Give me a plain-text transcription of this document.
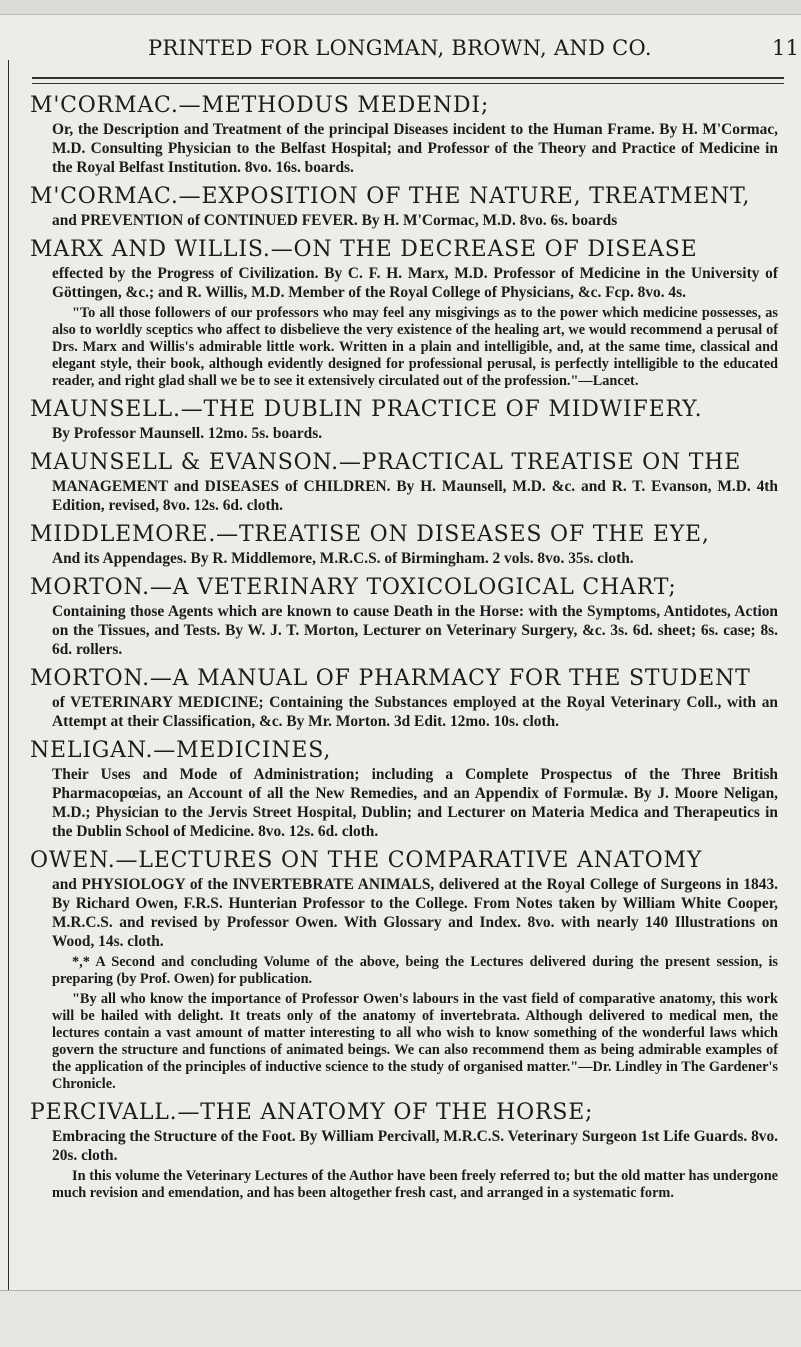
PRINTED FOR LONGMAN, BROWN, AND CO.	11
M'CORMAC.—METHODUS MEDENDI;

Or, the Description and Treatment of the principal Diseases incident to the Human Frame. By H. M'Cormac, M.D. Consulting Physician to the Belfast Hospital; and Professor of the Theory and Practice of Medicine in the Royal Belfast Institution. 8vo. 16s. boards.

M'CORMAC.—EXPOSITION OF THE NATURE, TREATMENT,

and PREVENTION of CONTINUED FEVER. By H. M'Cormac, M.D. 8vo. 6s. boards

MARX AND WILLIS.—ON THE DECREASE OF DISEASE

effected by the Progress of Civilization. By C. F. H. Marx, M.D. Professor of Medicine in the University of Göttingen, &c.; and R. Willis, M.D. Member of the Royal College of Physicians, &c. Fcp. 8vo. 4s.

"To all those followers of our professors who may feel any misgivings as to the power which medicine possesses, as also to worldly sceptics who affect to disbelieve the very existence of the healing art, we would recommend a perusal of Drs. Marx and Willis's admirable little work. Written in a plain and intelligible, and, at the same time, classical and elegant style, their book, although evidently designed for professional perusal, is perfectly intelligible to the educated reader, and right glad shall we be to see it extensively circulated out of the profession."—Lancet.

MAUNSELL.—THE DUBLIN PRACTICE OF MIDWIFERY.

By Professor Maunsell. 12mo. 5s. boards.

MAUNSELL & EVANSON.—PRACTICAL TREATISE ON THE

MANAGEMENT and DISEASES of CHILDREN. By H. Maunsell, M.D. &c. and R. T. Evanson, M.D. 4th Edition, revised, 8vo. 12s. 6d. cloth.

MIDDLEMORE.—TREATISE ON DISEASES OF THE EYE,

And its Appendages. By R. Middlemore, M.R.C.S. of Birmingham. 2 vols. 8vo. 35s. cloth.

MORTON.—A VETERINARY TOXICOLOGICAL CHART;

Containing those Agents which are known to cause Death in the Horse: with the Symptoms, Antidotes, Action on the Tissues, and Tests. By W. J. T. Morton, Lecturer on Veterinary Surgery, &c. 3s. 6d. sheet; 6s. case; 8s. 6d. rollers.

MORTON.—A MANUAL OF PHARMACY FOR THE STUDENT

of VETERINARY MEDICINE; Containing the Substances employed at the Royal Veterinary Coll., with an Attempt at their Classification, &c. By Mr. Morton. 3d Edit. 12mo. 10s. cloth.

NELIGAN.—MEDICINES,

Their Uses and Mode of Administration; including a Complete Prospectus of the Three British Pharmacopœias, an Account of all the New Remedies, and an Appendix of Formulæ. By J. Moore Neligan, M.D.; Physician to the Jervis Street Hospital, Dublin; and Lecturer on Materia Medica and Therapeutics in the Dublin School of Medicine. 8vo. 12s. 6d. cloth.

OWEN.—LECTURES ON THE COMPARATIVE ANATOMY

and PHYSIOLOGY of the INVERTEBRATE ANIMALS, delivered at the Royal College of Surgeons in 1843. By Richard Owen, F.R.S. Hunterian Professor to the College. From Notes taken by William White Cooper, M.R.C.S. and revised by Professor Owen. With Glossary and Index. 8vo. with nearly 140 Illustrations on Wood, 14s. cloth.

*,* A Second and concluding Volume of the above, being the Lectures delivered during the present session, is preparing (by Prof. Owen) for publication.

"By all who know the importance of Professor Owen's labours in the vast field of comparative anatomy, this work will be hailed with delight. It treats only of the anatomy of invertebrata. Although delivered to medical men, the lectures contain a vast amount of matter interesting to all who wish to know something of the wonderful laws which govern the structure and functions of animated beings. We can also recommend them as being admirable examples of the application of the principles of inductive science to the study of organised matter."—Dr. Lindley in The Gardener's Chronicle.

PERCIVALL.—THE ANATOMY OF THE HORSE;

Embracing the Structure of the Foot. By William Percivall, M.R.C.S. Veterinary Surgeon 1st Life Guards. 8vo. 20s. cloth.

In this volume the Veterinary Lectures of the Author have been freely referred to; but the old matter has undergone much revision and emendation, and has been altogether fresh cast, and arranged in a systematic form.
